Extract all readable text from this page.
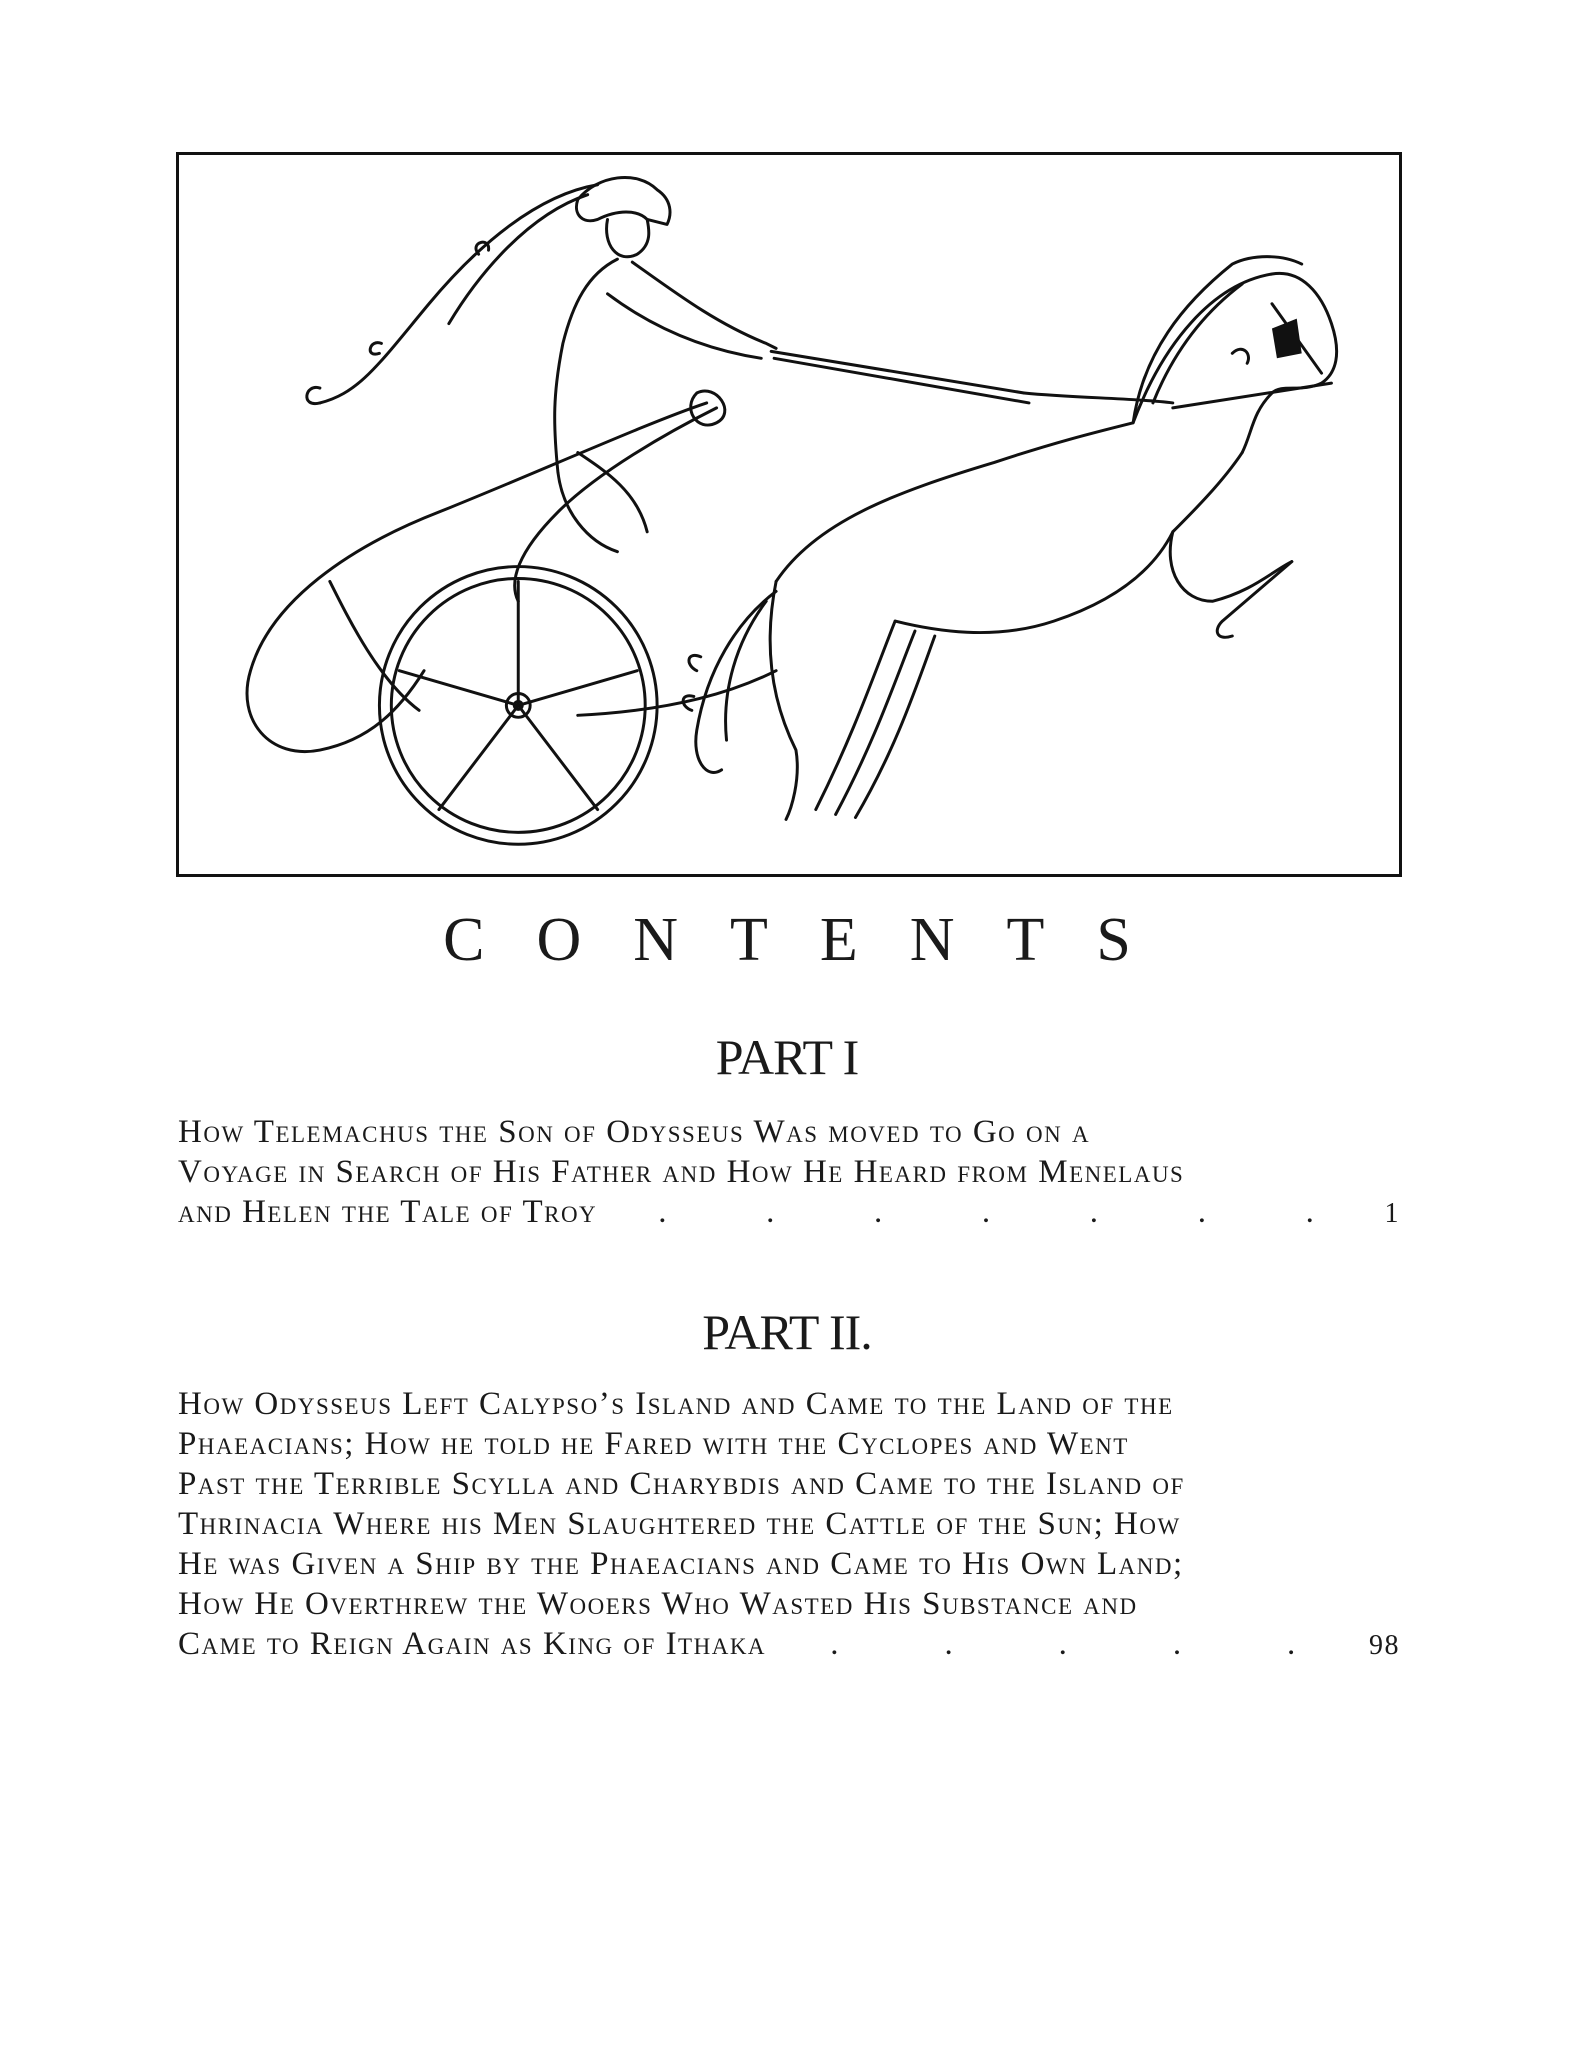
CONTENTS
PART I

How Telemachus the Son of Odysseus Was moved to Go on a

Voyage in Search of His Father and How He Heard from Menelaus

and Helen the Tale of Troy .	.	.	.	.	.	. 1
PART II.

How Odysseus Left Calypso’s Island and Came to the Land of the

Phaeacians; How he told he Fared with the Cyclopes and Went

Past the Terrible Scylla and Charybdis and Came to the Island of

Thrinacia Where his Men Slaughtered the Cattle of the Sun; How

He was Given a Ship by the Phaeacians and Came to His Own Land;

How He Overthrew the Wooers Who Wasted His Substance and

Came to Reign Again as King of Ithaka .	.	.	.	.	98
